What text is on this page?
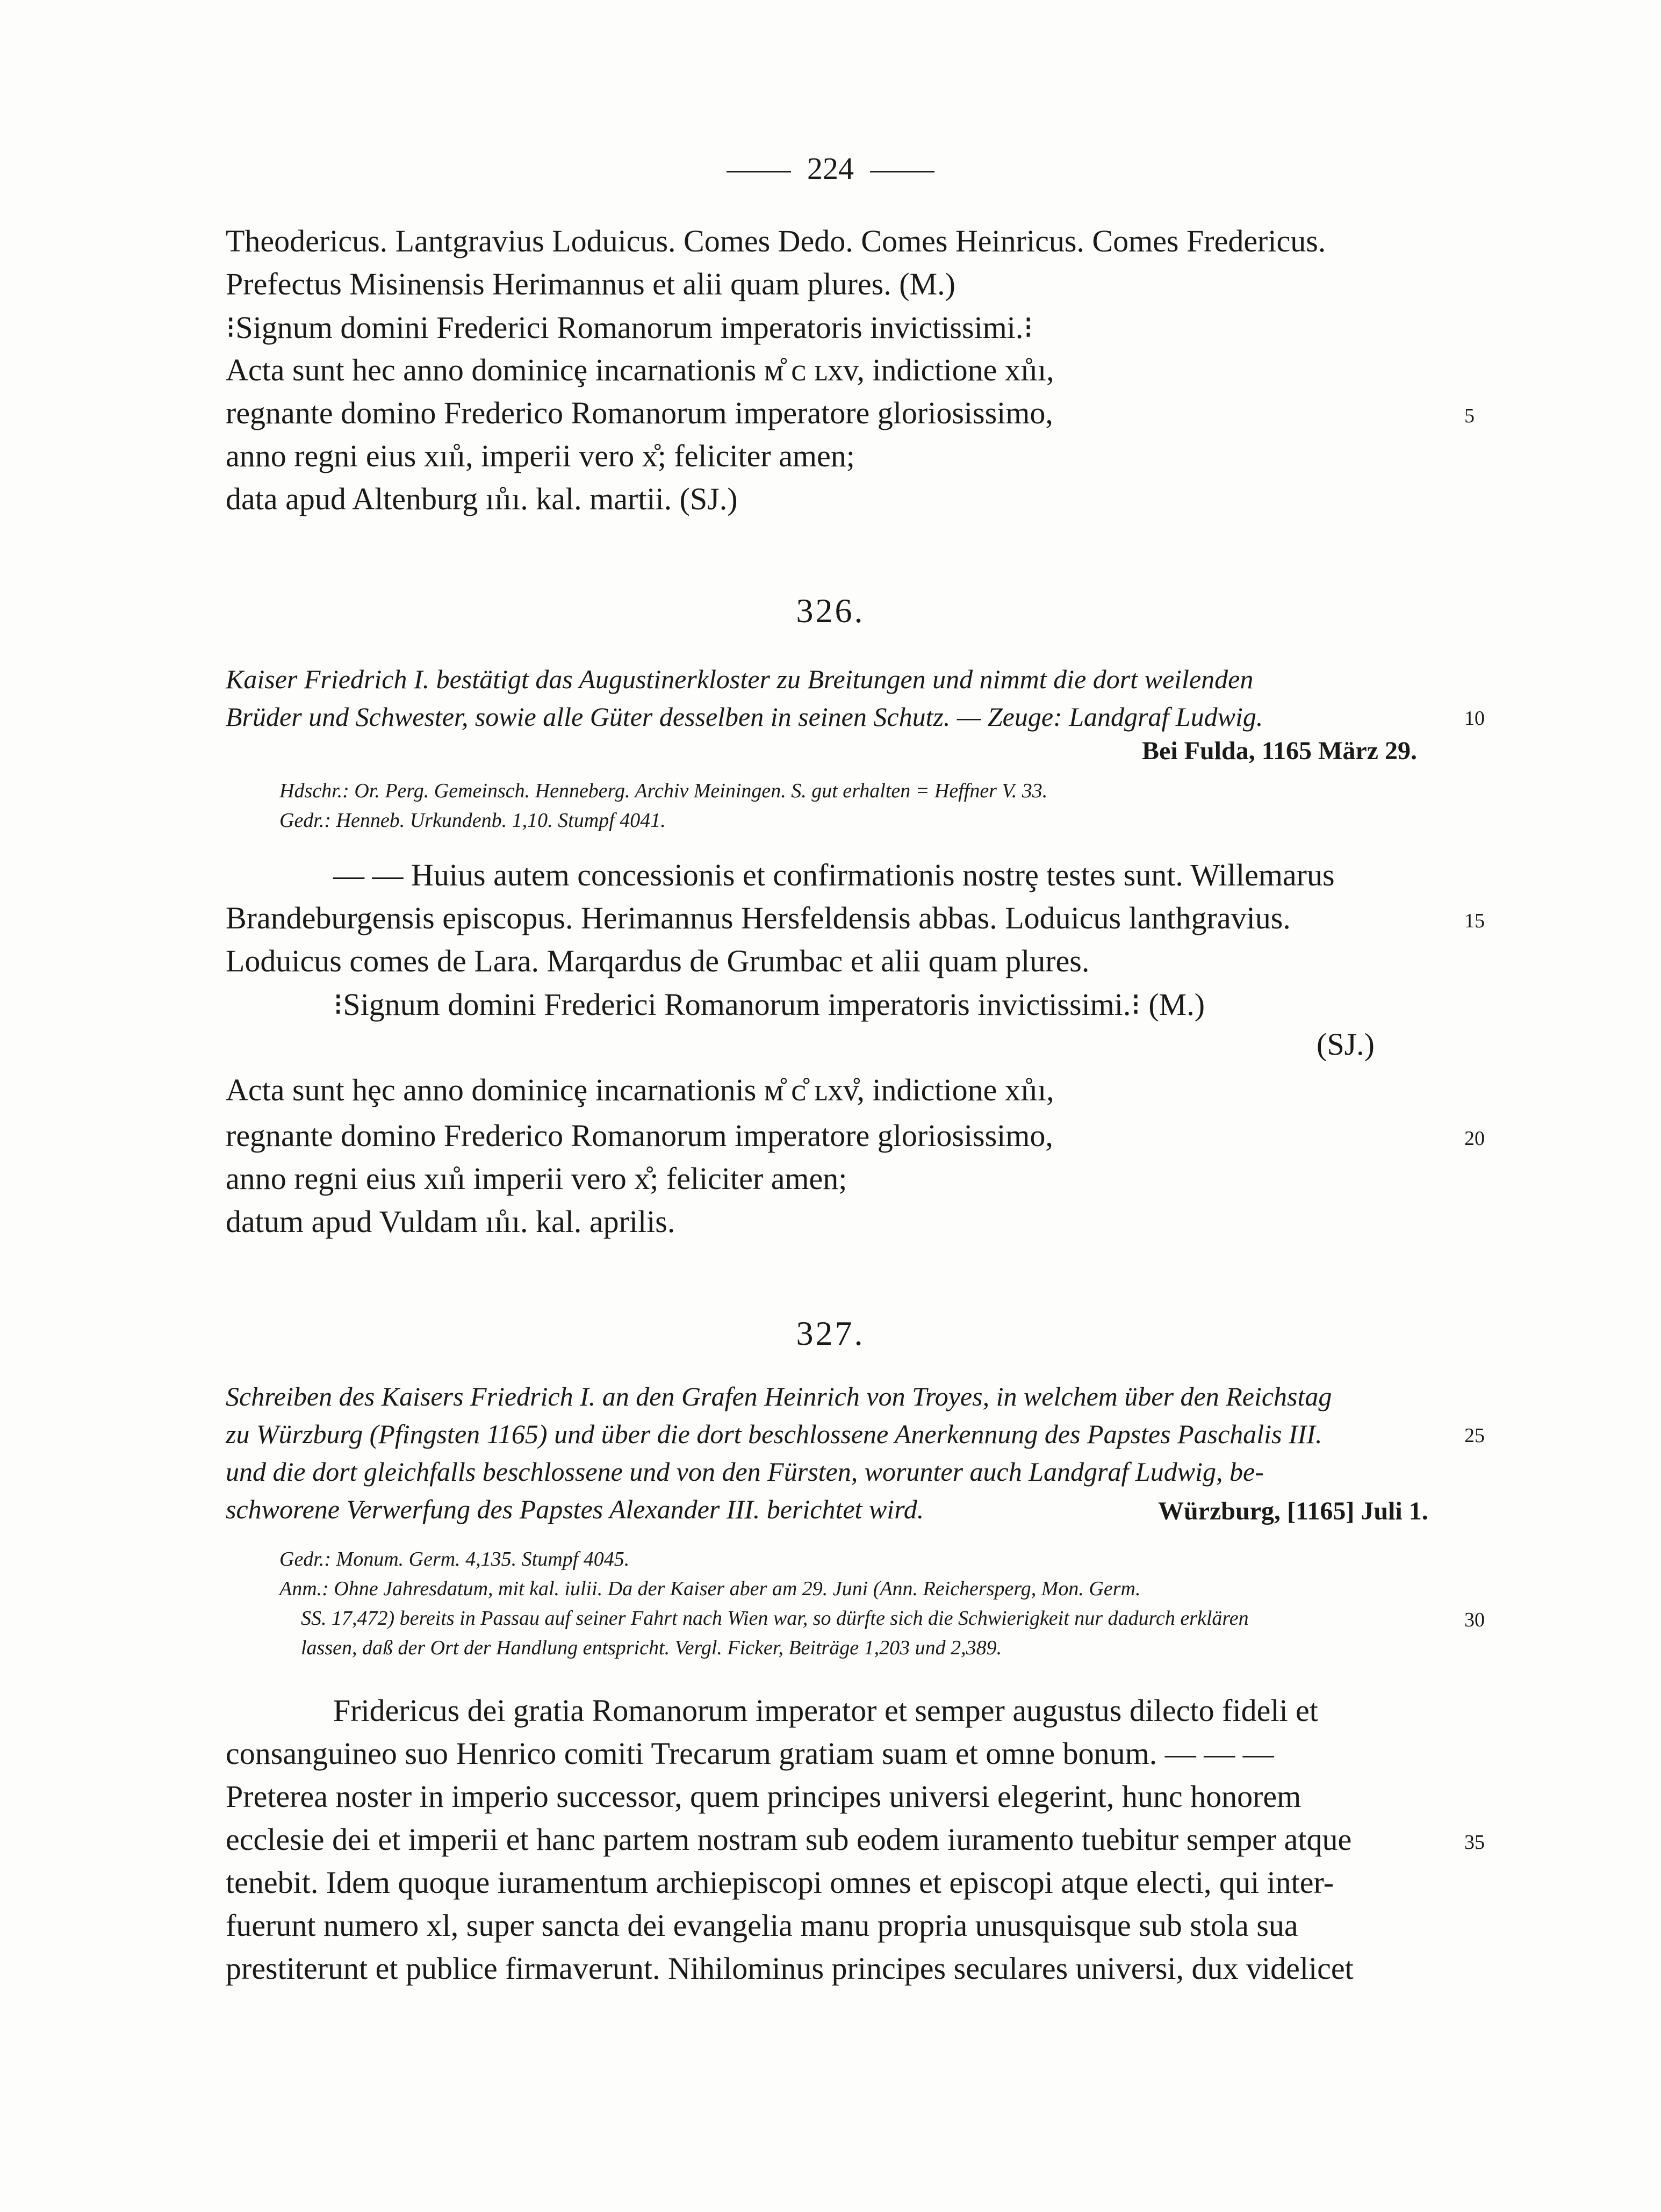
224
Theodericus. Lantgravius Loduicus. Comes Dedo. Comes Heinricus. Comes Fredericus.
Prefectus Misinensis Herimannus et alii quam plures. (M.)
⁝Signum domini Frederici Romanorum imperatoris invictissimi.⁝
Acta sunt hec anno dominicȩ incarnationis ᴍ̊ ᴄ ʟxv, indictione xı̊ıı,
regnante domino Frederico Romanorum imperatore gloriosissimo,	5
anno regni eius xıı̊ı, imperii vero x̊; feliciter amen;
data apud Altenburg ıı̊ıı. kal. martii. (SJ.)
326.
Kaiser Friedrich I. bestätigt das Augustinerkloster zu Breitungen und nimmt die dort weilenden
Brüder und Schwester, sowie alle Güter desselben in seinen Schutz. — Zeuge: Landgraf Ludwig.	10
Bei Fulda, 1165 März 29.
Hdschr.: Or. Perg. Gemeinsch. Henneberg. Archiv Meiningen. S. gut erhalten = Heffner V. 33.
Gedr.: Henneb. Urkundenb. 1,10. Stumpf 4041.
— — Huius autem concessionis et confirmationis nostrȩ testes sunt. Willemarus
Brandeburgensis episcopus. Herimannus Hersfeldensis abbas. Loduicus lanthgravius.	15
Loduicus comes de Lara. Marqardus de Grumbac et alii quam plures.
⁝Signum domini Frederici Romanorum imperatoris invictissimi.⁝ (M.)
(SJ.)
Acta sunt hȩc anno dominicȩ incarnationis ᴍ̊ ᴄ̊ ʟxv̊, indictione xı̊ıı,
regnante domino Frederico Romanorum imperatore gloriosissimo,	20
anno regni eius xıı̊ı imperii vero x̊; feliciter amen;
datum apud Vuldam ıı̊ıı. kal. aprilis.
327.
Schreiben des Kaisers Friedrich I. an den Grafen Heinrich von Troyes, in welchem über den Reichstag
zu Würzburg (Pfingsten 1165) und über die dort beschlossene Anerkennung des Papstes Paschalis III.	25
und die dort gleichfalls beschlossene und von den Fürsten, worunter auch Landgraf Ludwig, be-
schworene Verwerfung des Papstes Alexander III. berichtet wird.	Würzburg, [1165] Juli 1.
Gedr.: Monum. Germ. 4,135. Stumpf 4045.
Anm.: Ohne Jahresdatum, mit kal. iulii. Da der Kaiser aber am 29. Juni (Ann. Reichersperg, Mon. Germ.
SS. 17,472) bereits in Passau auf seiner Fahrt nach Wien war, so dürfte sich die Schwierigkeit nur dadurch erklären	30
lassen, daß der Ort der Handlung entspricht. Vergl. Ficker, Beiträge 1,203 und 2,389.
Fridericus dei gratia Romanorum imperator et semper augustus dilecto fideli et
consanguineo suo Henrico comiti Trecarum gratiam suam et omne bonum. — — —
Preterea noster in imperio successor, quem principes universi elegerint, hunc honorem
ecclesie dei et imperii et hanc partem nostram sub eodem iuramento tuebitur semper atque	35
tenebit. Idem quoque iuramentum archiepiscopi omnes et episcopi atque electi, qui inter-
fuerunt numero xl, super sancta dei evangelia manu propria unusquisque sub stola sua
prestiterunt et publice firmaverunt. Nihilominus principes seculares universi, dux videlicet
